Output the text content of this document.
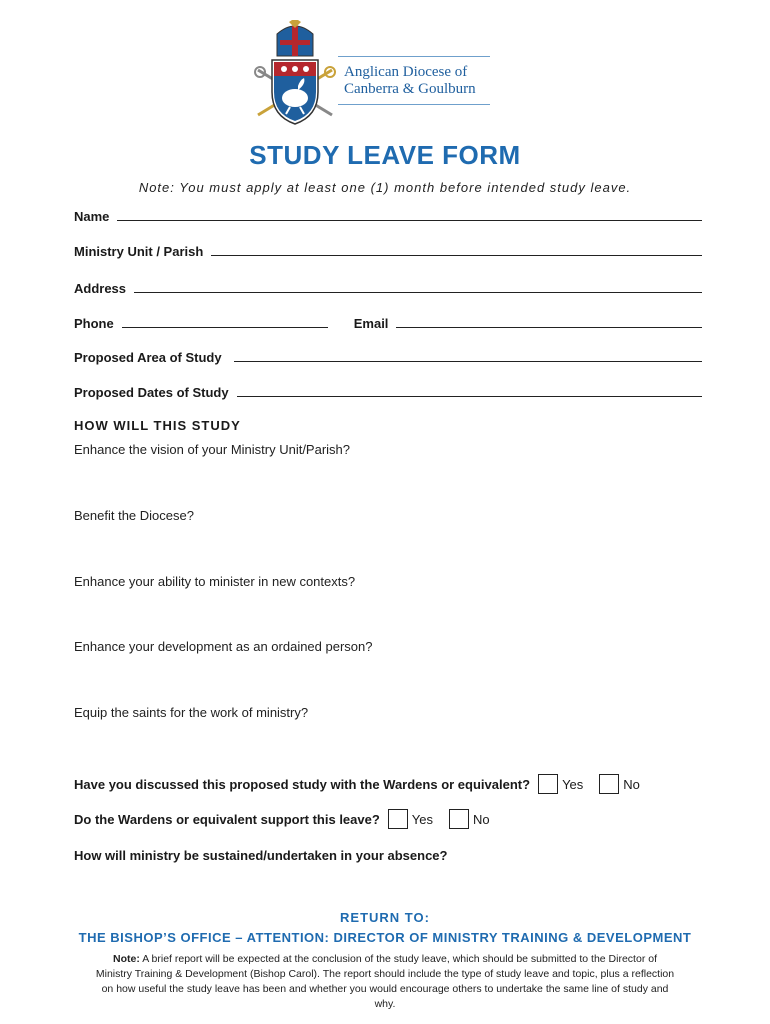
Anglican Diocese of
Canberra & Goulburn
STUDY LEAVE FORM
Note: You must apply at least one (1) month before intended study leave.
Name
Ministry Unit / Parish
Address
Phone	Email
Proposed Area of Study
Proposed Dates of Study
HOW WILL THIS STUDY
Enhance the vision of your Ministry Unit/Parish?
Benefit the Diocese?
Enhance your ability to minister in new contexts?
Enhance your development as an ordained person?
Equip the saints for the work of ministry?
Have you discussed this proposed study with the Wardens or equivalent? Yes	No
Do the Wardens or equivalent support this leave? Yes	No
How will ministry be sustained/undertaken in your absence?
RETURN TO:
THE BISHOP’S OFFICE – ATTENTION: DIRECTOR OF MINISTRY TRAINING & DEVELOPMENT
Note: A brief report will be expected at the conclusion of the study leave, which should be submitted to the Director of Ministry Training & Development (Bishop Carol). The report should include the type of study leave and topic, plus a reflection on how useful the study leave has been and whether you would encourage others to undertake the same line of study and why.
